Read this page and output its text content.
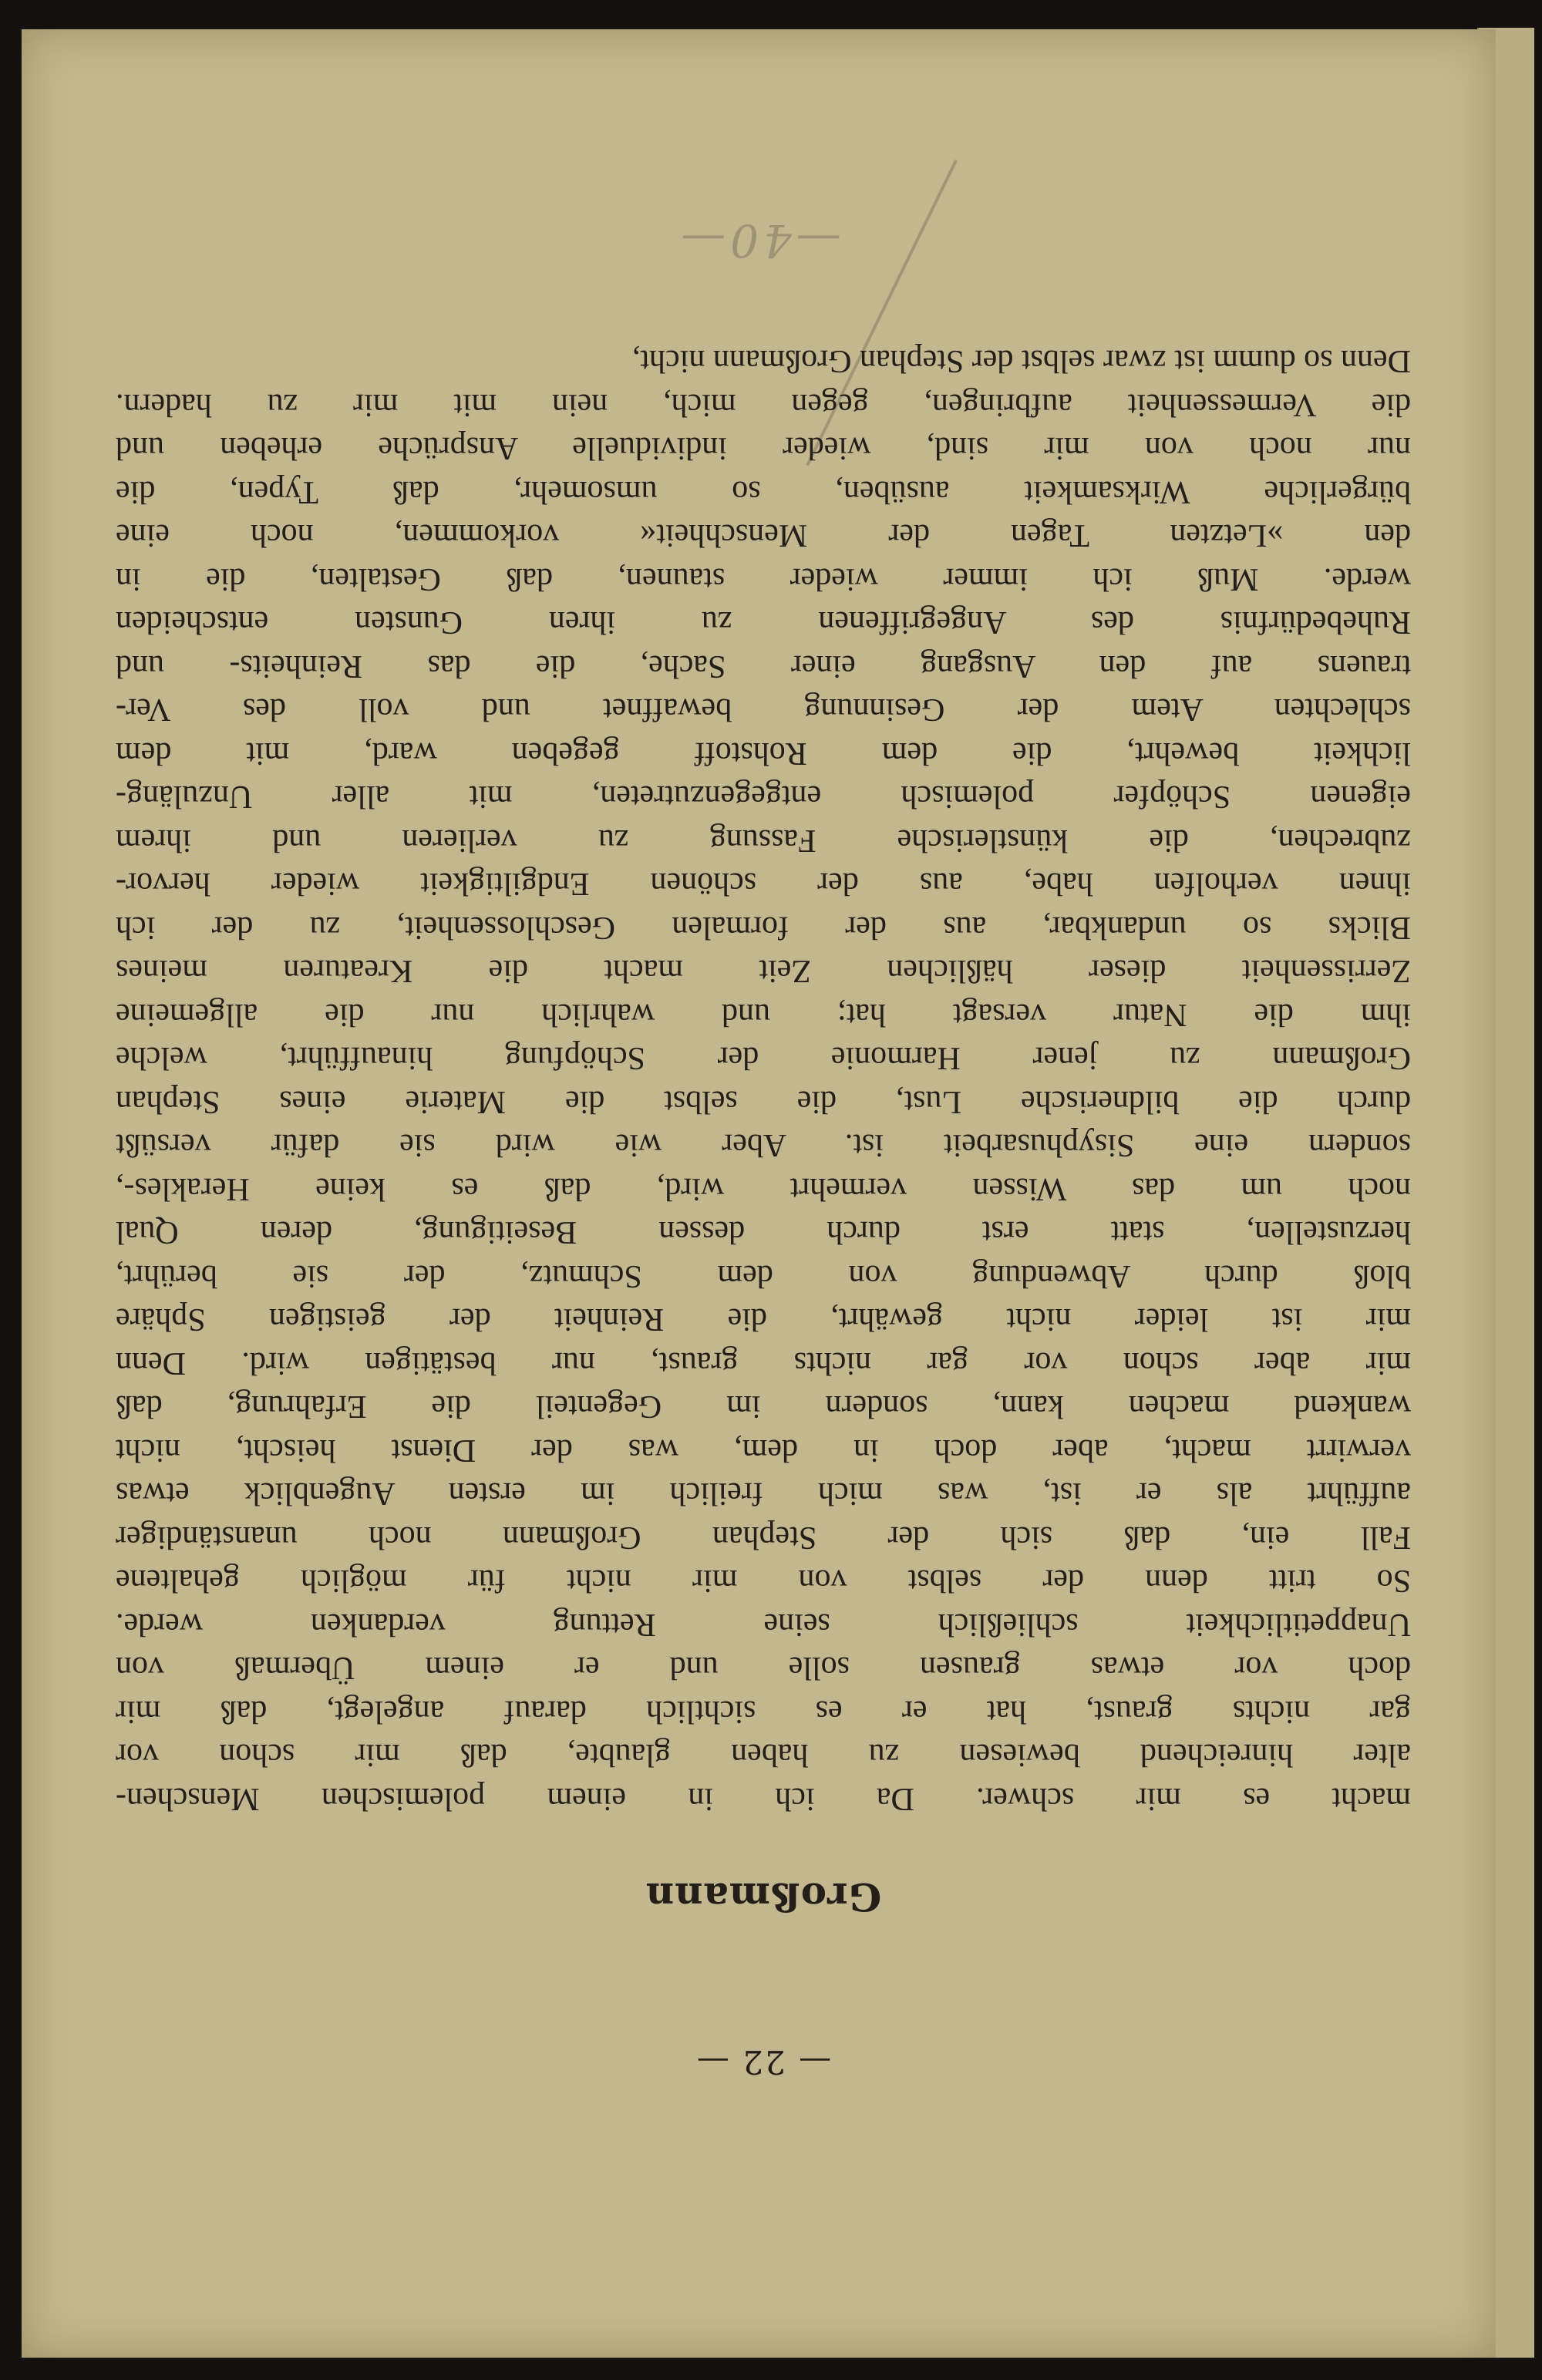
—40—
— 22 —
Großmann
macht es mir schwer. Da ich in einem polemischen Menschen-
alter hinreichend bewiesen zu haben glaubte, daß mir schon vor
gar nichts graust, hat er es sichtlich darauf angelegt, daß mir
doch vor etwas grausen solle und er einem Übermaß von
Unappetitlichkeit schließlich seine Rettung verdanken werde.
So tritt denn der selbst von mir nicht für möglich gehaltene
Fall ein, daß sich der Stephan Großmann noch unanständiger
aufführt als er ist, was mich freilich im ersten Augenblick etwas
verwirrt macht, aber doch in dem, was der Dienst heischt, nicht
wankend machen kann, sondern im Gegenteil die Erfahrung, daß
mir aber schon vor gar nichts graust, nur bestätigen wird. Denn
mir ist leider nicht gewährt, die Reinheit der geistigen Sphäre
bloß durch Abwendung von dem Schmutz, der sie berührt,
herzustellen, statt erst durch dessen Beseitigung, deren Qual
noch um das Wissen vermehrt wird, daß es keine Herakles-,
sondern eine Sisyphusarbeit ist. Aber wie wird sie dafür versüßt
durch die bildnerische Lust, die selbst die Materie eines Stephan
Großmann zu jener Harmonie der Schöpfung hinaufführt, welche
ihm die Natur versagt hat; und wahrlich nur die allgemeine
Zerrissenheit dieser häßlichen Zeit macht die Kreaturen meines
Blicks so undankbar, aus der formalen Geschlossenheit, zu der ich
ihnen verholfen habe, aus der schönen Endgiltigkeit wieder hervor-
zubrechen, die künstlerische Fassung zu verlieren und ihrem
eigenen Schöpfer polemisch entgegenzutreten, mit aller Unzuläng-
lichkeit bewehrt, die dem Rohstoff gegeben ward, mit dem
schlechten Atem der Gesinnung bewaffnet und voll des Ver-
trauens auf den Ausgang einer Sache, die das Reinheits- und
Ruhebedürfnis des Angegriffenen zu ihren Gunsten entscheiden
werde. Muß ich immer wieder staunen, daß Gestalten, die in
den »Letzten Tagen der Menschheit« vorkommen, noch eine
bürgerliche Wirksamkeit ausüben, so umsomehr, daß Typen, die
nur noch von mir sind, wieder individuelle Ansprüche erheben und
die Vermessenheit aufbringen, gegen mich, nein mit mir zu hadern.
Denn so dumm ist zwar selbst der Stephan Großmann nicht,
